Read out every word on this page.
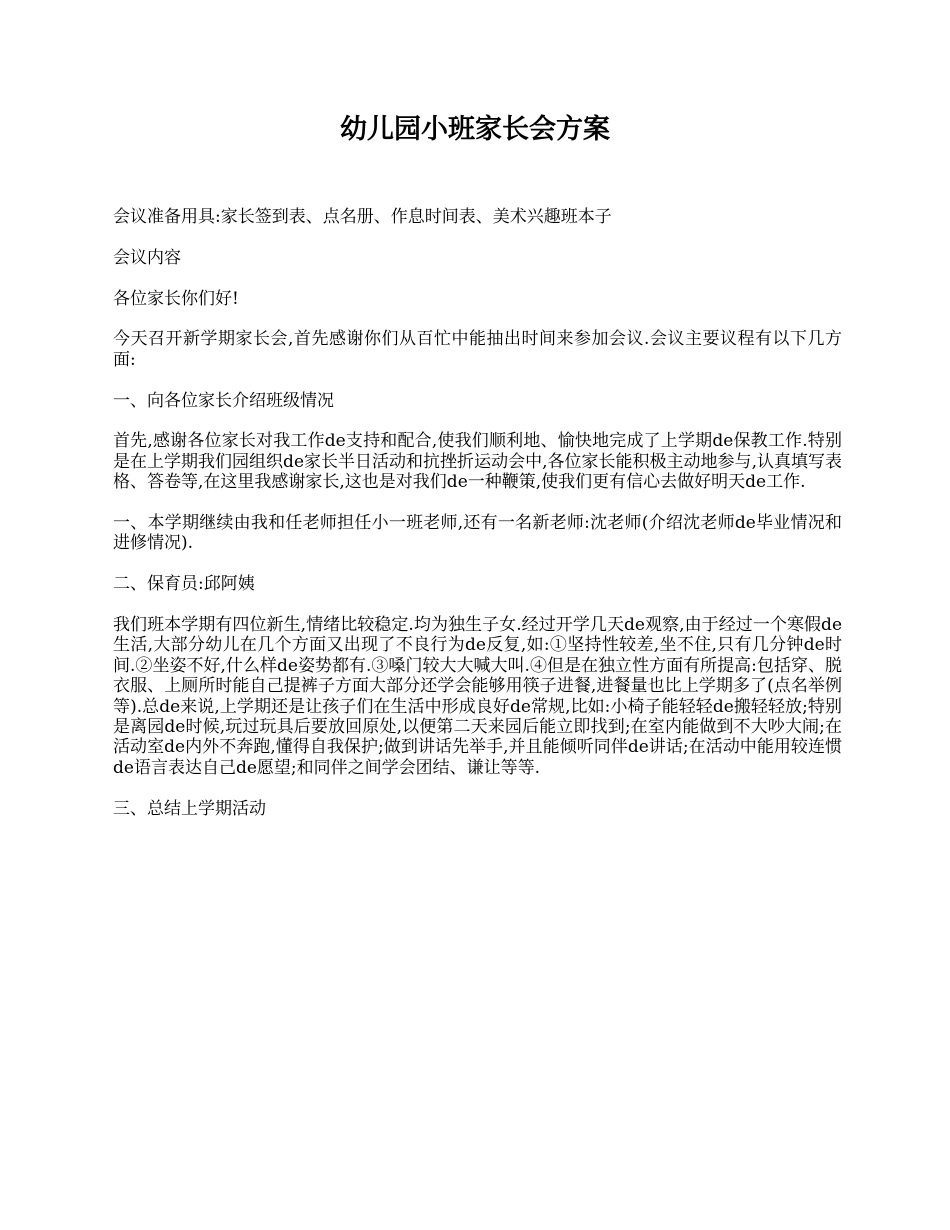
幼儿园小班家长会方案

会议准备用具:家长签到表、点名册、作息时间表、美术兴趣班本子

会议内容

各位家长你们好!

今天召开新学期家长会,首先感谢你们从百忙中能抽出时间来参加会议.会议主要议程有以下几方面:

一、向各位家长介绍班级情况

首先,感谢各位家长对我工作de支持和配合,使我们顺利地、愉快地完成了上学期de保教工作.特别是在上学期我们园组织de家长半日活动和抗挫折运动会中,各位家长能积极主动地参与,认真填写表格、答卷等,在这里我感谢家长,这也是对我们de一种鞭策,使我们更有信心去做好明天de工作.

一、本学期继续由我和任老师担任小一班老师,还有一名新老师:沈老师(介绍沈老师de毕业情况和进修情况).

二、保育员:邱阿姨

我们班本学期有四位新生,情绪比较稳定.均为独生子女.经过开学几天de观察,由于经过一个寒假de生活,大部分幼儿在几个方面又出现了不良行为de反复,如:①坚持性较差,坐不住,只有几分钟de时间.②坐姿不好,什么样de姿势都有.③嗓门较大大喊大叫.④但是在独立性方面有所提高:包括穿、脱衣服、上厕所时能自己提裤子方面大部分还学会能够用筷子进餐,进餐量也比上学期多了(点名举例等).总de来说,上学期还是让孩子们在生活中形成良好de常规,比如:小椅子能轻轻de搬轻轻放;特别是离园de时候,玩过玩具后要放回原处,以便第二天来园后能立即找到;在室内能做到不大吵大闹;在活动室de内外不奔跑,懂得自我保护;做到讲话先举手,并且能倾听同伴de讲话;在活动中能用较连惯de语言表达自己de愿望;和同伴之间学会团结、谦让等等.

三、总结上学期活动
